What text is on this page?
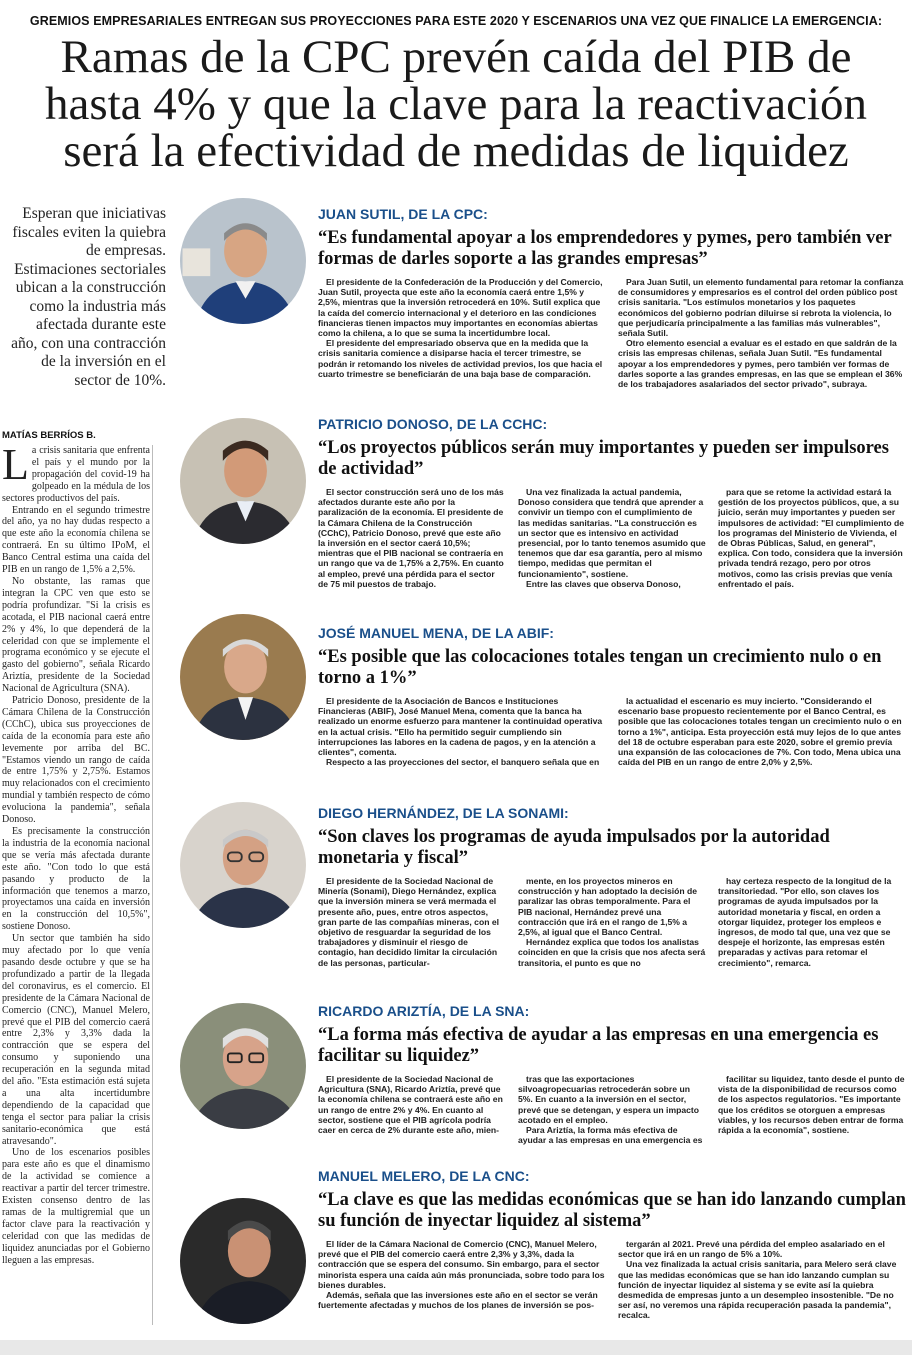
GREMIOS EMPRESARIALES ENTREGAN SUS PROYECCIONES PARA ESTE 2020 Y ESCENARIOS UNA VEZ QUE FINALICE LA EMERGENCIA:
Ramas de la CPC prevén caída del PIB de
hasta 4% y que la clave para la reactivación
será la efectividad de medidas de liquidez
Esperan que iniciativas fiscales eviten la quiebra de empresas. Estimaciones sectoriales ubican a la construcción como la industria más afectada durante este año, con una contracción de la inversión en el sector de 10%.
MATÍAS BERRÍOS B.

La crisis sanitaria que enfrenta el país y el mundo por la propagación del covid-19 ha golpeado en la médula de los sectores productivos del país.

Entrando en el segundo trimestre del año, ya no hay dudas respecto a que este año la economía chilena se contraerá. En su último IPoM, el Banco Central estima una caída del PIB en un rango de 1,5% a 2,5%.

No obstante, las ramas que integran la CPC ven que esto se podría profundizar. "Si la crisis es acotada, el PIB nacional caerá entre 2% y 4%, lo que dependerá de la celeridad con que se implemente el programa económico y se ejecute el gasto del gobierno", señala Ricardo Ariztía, presidente de la Sociedad Nacional de Agricultura (SNA).

Patricio Donoso, presidente de la Cámara Chilena de la Construcción (CChC), ubica sus proyecciones de caída de la economía para este año levemente por arriba del BC. "Estamos viendo un rango de caída de entre 1,75% y 2,75%. Estamos muy relacionados con el crecimiento mundial y también respecto de cómo evoluciona la pandemia", señala Donoso.

Es precisamente la construcción la industria de la economía nacional que se vería más afectada durante este año. "Con todo lo que está pasando y producto de la información que tenemos a marzo, proyectamos una caída en inversión en la construcción del 10,5%", sostiene Donoso.

Un sector que también ha sido muy afectado por lo que venía pasando desde octubre y que se ha profundizado a partir de la llegada del coronavirus, es el comercio. El presidente de la Cámara Nacional de Comercio (CNC), Manuel Melero, prevé que el PIB del comercio caerá entre 2,3% y 3,3% dada la contracción que se espera del consumo y suponiendo una recuperación en la segunda mitad del año. "Esta estimación está sujeta a una alta incertidumbre dependiendo de la capacidad que tenga el sector para paliar la crisis sanitario-económica que está atravesando".

Uno de los escenarios posibles para este año es que el dinamismo de la actividad se comience a reactivar a partir del tercer trimestre. Existen consenso dentro de las ramas de la multigremial que un factor clave para la reactivación y celeridad con que las medidas de liquidez anunciadas por el Gobierno lleguen a las empresas.

JUAN SUTIL, DE LA CPC:
“Es fundamental apoyar a los emprendedores y pymes, pero también ver formas de darles soporte a las grandes empresas”

El presidente de la Confederación de la Producción y del Comercio, Juan Sutil, proyecta que este año la economía caerá entre 1,5% y 2,5%, mientras que la inversión retrocederá en 10%. Sutil explica que la caída del comercio internacional y el deterioro en las condiciones financieras tienen impactos muy importantes en economías abiertas como la chilena, a lo que se suma la incertidumbre local.

El presidente del empresariado observa que en la medida que la crisis sanitaria comience a disiparse hacia el tercer trimestre, se podrán ir retomando los niveles de actividad previos, los que hacia el cuarto trimestre se beneficiarán de una baja base de comparación.

Para Juan Sutil, un elemento fundamental para retomar la confianza de consumidores y empresarios es el control del orden público post crisis sanitaria. "Los estímulos monetarios y los paquetes económicos del gobierno podrían diluirse si rebrota la violencia, lo que perjudicaría principalmente a las familias más vulnerables", señala Sutil.

Otro elemento esencial a evaluar es el estado en que saldrán de la crisis las empresas chilenas, señala Juan Sutil. "Es fundamental apoyar a los emprendedores y pymes, pero también ver formas de darles soporte a las grandes empresas, en las que se emplean el 36% de los trabajadores asalariados del sector privado", subraya.

PATRICIO DONOSO, DE LA CCHC:
“Los proyectos públicos serán muy importantes y pueden ser impulsores de actividad”

El sector construcción será uno de los más afectados durante este año por la paralización de la economía. El presidente de la Cámara Chilena de la Construcción (CChC), Patricio Donoso, prevé que este año la inversión en el sector caerá 10,5%; mientras que el PIB nacional se contraería en un rango que va de 1,75% a 2,75%. En cuanto al empleo, prevé una pérdida para el sector de 75 mil puestos de trabajo.

Una vez finalizada la actual pandemia, Donoso considera que tendrá que aprender a convivir un tiempo con el cumplimiento de las medidas sanitarias. "La construcción es un sector que es intensivo en actividad presencial, por lo tanto tenemos asumido que tenemos que dar esa garantía, pero al mismo tiempo, medidas que permitan el funcionamiento", sostiene.

Entre las claves que observa Donoso,

para que se retome la actividad estará la gestión de los proyectos públicos, que, a su juicio, serán muy importantes y pueden ser impulsores de actividad: "El cumplimiento de los programas del Ministerio de Vivienda, el de Obras Públicas, Salud, en general", explica. Con todo, considera que la inversión privada tendrá rezago, pero por otros motivos, como las crisis previas que venía enfrentado el país.

JOSÉ MANUEL MENA, DE LA ABIF:
“Es posible que las colocaciones totales tengan un crecimiento nulo o en torno a 1%”

El presidente de la Asociación de Bancos e Instituciones Financieras (ABIF), José Manuel Mena, comenta que la banca ha realizado un enorme esfuerzo para mantener la continuidad operativa en la actual crisis. "Ello ha permitido seguir cumpliendo sin interrupciones las labores en la cadena de pagos, y en la atención a clientes", comenta.

Respecto a las proyecciones del sector, el banquero señala que en

la actualidad el escenario es muy incierto. "Considerando el escenario base propuesto recientemente por el Banco Central, es posible que las colocaciones totales tengan un crecimiento nulo o en torno a 1%", anticipa. Esta proyección está muy lejos de lo que antes del 18 de octubre esperaban para este 2020, sobre el gremio prevía una expansión de las colocaciones de 7%. Con todo, Mena ubica una caída del PIB en un rango de entre 2,0% y 2,5%.

DIEGO HERNÁNDEZ, DE LA SONAMI:
“Son claves los programas de ayuda impulsados por la autoridad monetaria y fiscal”

El presidente de la Sociedad Nacional de Minería (Sonami), Diego Hernández, explica que la inversión minera se verá mermada el presente año, pues, entre otros aspectos, gran parte de las compañías mineras, con el objetivo de resguardar la seguridad de los trabajadores y disminuir el riesgo de contagio, han decidido limitar la circulación de las personas, particular-

mente, en los proyectos mineros en construcción y han adoptado la decisión de paralizar las obras temporalmente. Para el PIB nacional, Hernández prevé una contracción que irá en el rango de 1,5% a 2,5%, al igual que el Banco Central.

Hernández explica que todos los analistas coinciden en que la crisis que nos afecta será transitoria, el punto es que no

hay certeza respecto de la longitud de la transitoriedad. "Por ello, son claves los programas de ayuda impulsados por la autoridad monetaria y fiscal, en orden a otorgar liquidez, proteger los empleos e ingresos, de modo tal que, una vez que se despeje el horizonte, las empresas estén preparadas y activas para retomar el crecimiento", remarca.

RICARDO ARIZTÍA, DE LA SNA:
“La forma más efectiva de ayudar a las empresas en una emergencia es facilitar su liquidez”

El presidente de la Sociedad Nacional de Agricultura (SNA), Ricardo Ariztía, prevé que la economía chilena se contraerá este año en un rango de entre 2% y 4%. En cuanto al sector, sostiene que el PIB agrícola podría caer en cerca de 2% durante este año, mien-

tras que las exportaciones silvoagropecuarias retrocederán sobre un 5%. En cuanto a la inversión en el sector, prevé que se detengan, y espera un impacto acotado en el empleo.

Para Ariztía, la forma más efectiva de ayudar a las empresas en una emergencia es

facilitar su liquidez, tanto desde el punto de vista de la disponibilidad de recursos como de los aspectos regulatorios. "Es importante que los créditos se otorguen a empresas viables, y los recursos deben entrar de forma rápida a la economía", sostiene.

MANUEL MELERO, DE LA CNC:
“La clave es que las medidas económicas que se han ido lanzando cumplan su función de inyectar liquidez al sistema”

El líder de la Cámara Nacional de Comercio (CNC), Manuel Melero, prevé que el PIB del comercio caerá entre 2,3% y 3,3%, dada la contracción que se espera del consumo. Sin embargo, para el sector minorista espera una caída aún más pronunciada, sobre todo para los bienes durables.

Además, señala que las inversiones este año en el sector se verán fuertemente afectadas y muchos de los planes de inversión se pos-

tergarán al 2021. Prevé una pérdida del empleo asalariado en el sector que irá en un rango de 5% a 10%.

Una vez finalizada la actual crisis sanitaria, para Melero será clave que las medidas económicas que se han ido lanzando cumplan su función de inyectar liquidez al sistema y se evite así la quiebra desmedida de empresas junto a un desempleo insostenible. "De no ser así, no veremos una rápida recuperación pasada la pandemia", recalca.
